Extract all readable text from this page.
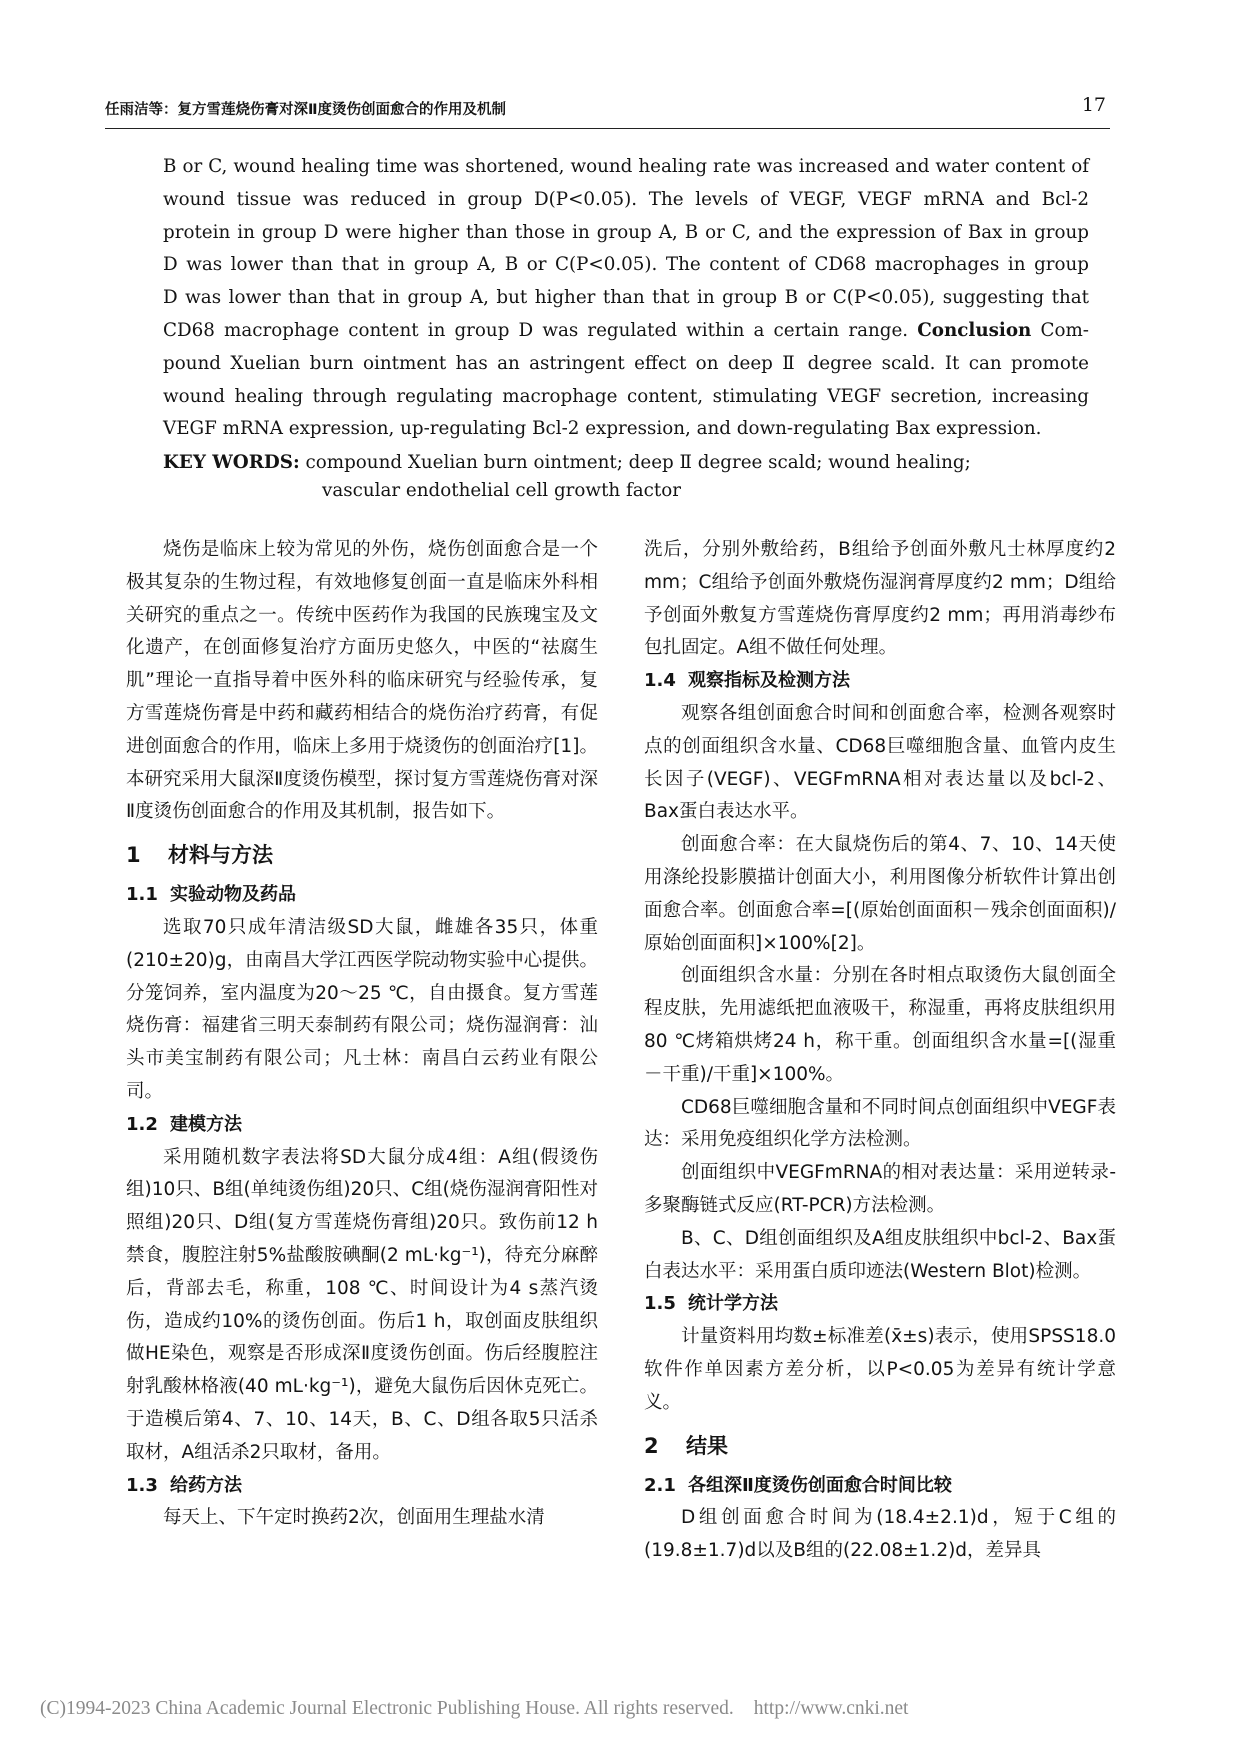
任雨洁等：复方雪莲烧伤膏对深Ⅱ度烫伤创面愈合的作用及机制	17
B or C, wound healing time was shortened, wound healing rate was increased and water content of
wound tissue was reduced in group D(P<0.05). The levels of VEGF, VEGF mRNA and Bcl-2
protein in group D were higher than those in group A, B or C, and the expression of Bax in group
D was lower than that in group A, B or C(P<0.05). The content of CD68 macrophages in group
D was lower than that in group A, but higher than that in group B or C(P<0.05), suggesting that
CD68 macrophage content in group D was regulated within a certain range. Conclusion Com-
pound Xuelian burn ointment has an astringent effect on deep Ⅱ degree scald. It can promote
wound healing through regulating macrophage content, stimulating VEGF secretion, increasing
VEGF mRNA expression, up-regulating Bcl-2 expression, and down-regulating Bax expression.
KEY WORDS: compound Xuelian burn ointment; deep Ⅱ degree scald; wound healing;
vascular endothelial cell growth factor

烧伤是临床上较为常见的外伤，烧伤创面愈合是一个极其复杂的生物过程，有效地修复创面一直是临床外科相关研究的重点之一。传统中医药作为我国的民族瑰宝及文化遗产，在创面修复治疗方面历史悠久，中医的“祛腐生肌”理论一直指导着中医外科的临床研究与经验传承，复方雪莲烧伤膏是中药和藏药相结合的烧伤治疗药膏，有促进创面愈合的作用，临床上多用于烧烫伤的创面治疗[1]。本研究采用大鼠深Ⅱ度烫伤模型，探讨复方雪莲烧伤膏对深Ⅱ度烫伤创面愈合的作用及其机制，报告如下。

1 材料与方法
1.1 实验动物及药品

选取70只成年清洁级SD大鼠，雌雄各35只，体重(210±20)g，由南昌大学江西医学院动物实验中心提供。分笼饲养，室内温度为20～25 ℃，自由摄食。复方雪莲烧伤膏：福建省三明天泰制药有限公司；烧伤湿润膏：汕头市美宝制药有限公司；凡士林：南昌白云药业有限公司。

1.2 建模方法

采用随机数字表法将SD大鼠分成4组：A组(假烫伤组)10只、B组(单纯烫伤组)20只、C组(烧伤湿润膏阳性对照组)20只、D组(复方雪莲烧伤膏组)20只。致伤前12 h禁食，腹腔注射5%盐酸胺碘酮(2 mL·kg⁻¹)，待充分麻醉后，背部去毛，称重，108 ℃、时间设计为4 s蒸汽烫伤，造成约10%的烫伤创面。伤后1 h，取创面皮肤组织做HE染色，观察是否形成深Ⅱ度烫伤创面。伤后经腹腔注射乳酸林格液(40 mL·kg⁻¹)，避免大鼠伤后因休克死亡。于造模后第4、7、10、14天，B、C、D组各取5只活杀取材，A组活杀2只取材，备用。

1.3 给药方法

每天上、下午定时换药2次，创面用生理盐水清

洗后，分别外敷给药，B组给予创面外敷凡士林厚度约2 mm；C组给予创面外敷烧伤湿润膏厚度约2 mm；D组给予创面外敷复方雪莲烧伤膏厚度约2 mm；再用消毒纱布包扎固定。A组不做任何处理。

1.4 观察指标及检测方法

观察各组创面愈合时间和创面愈合率，检测各观察时点的创面组织含水量、CD68巨噬细胞含量、血管内皮生长因子(VEGF)、VEGFmRNA相对表达量以及bcl-2、Bax蛋白表达水平。

创面愈合率：在大鼠烧伤后的第4、7、10、14天使用涤纶投影膜描计创面大小，利用图像分析软件计算出创面愈合率。创面愈合率=[(原始创面面积－残余创面面积)/原始创面面积]×100%[2]。

创面组织含水量：分别在各时相点取烫伤大鼠创面全程皮肤，先用滤纸把血液吸干，称湿重，再将皮肤组织用80 ℃烤箱烘烤24 h，称干重。创面组织含水量=[(湿重－干重)/干重]×100%。

CD68巨噬细胞含量和不同时间点创面组织中VEGF表达：采用免疫组织化学方法检测。

创面组织中VEGFmRNA的相对表达量：采用逆转录-多聚酶链式反应(RT-PCR)方法检测。

B、C、D组创面组织及A组皮肤组织中bcl-2、Bax蛋白表达水平：采用蛋白质印迹法(Western Blot)检测。

1.5 统计学方法

计量资料用均数±标准差(x̄±s)表示，使用SPSS18.0软件作单因素方差分析，以P<0.05为差异有统计学意义。

2 结果
2.1 各组深Ⅱ度烫伤创面愈合时间比较

D组创面愈合时间为(18.4±2.1)d，短于C组的(19.8±1.7)d以及B组的(22.08±1.2)d，差异具

(C)1994-2023 China Academic Journal Electronic Publishing House. All rights reserved. http://www.cnki.net
